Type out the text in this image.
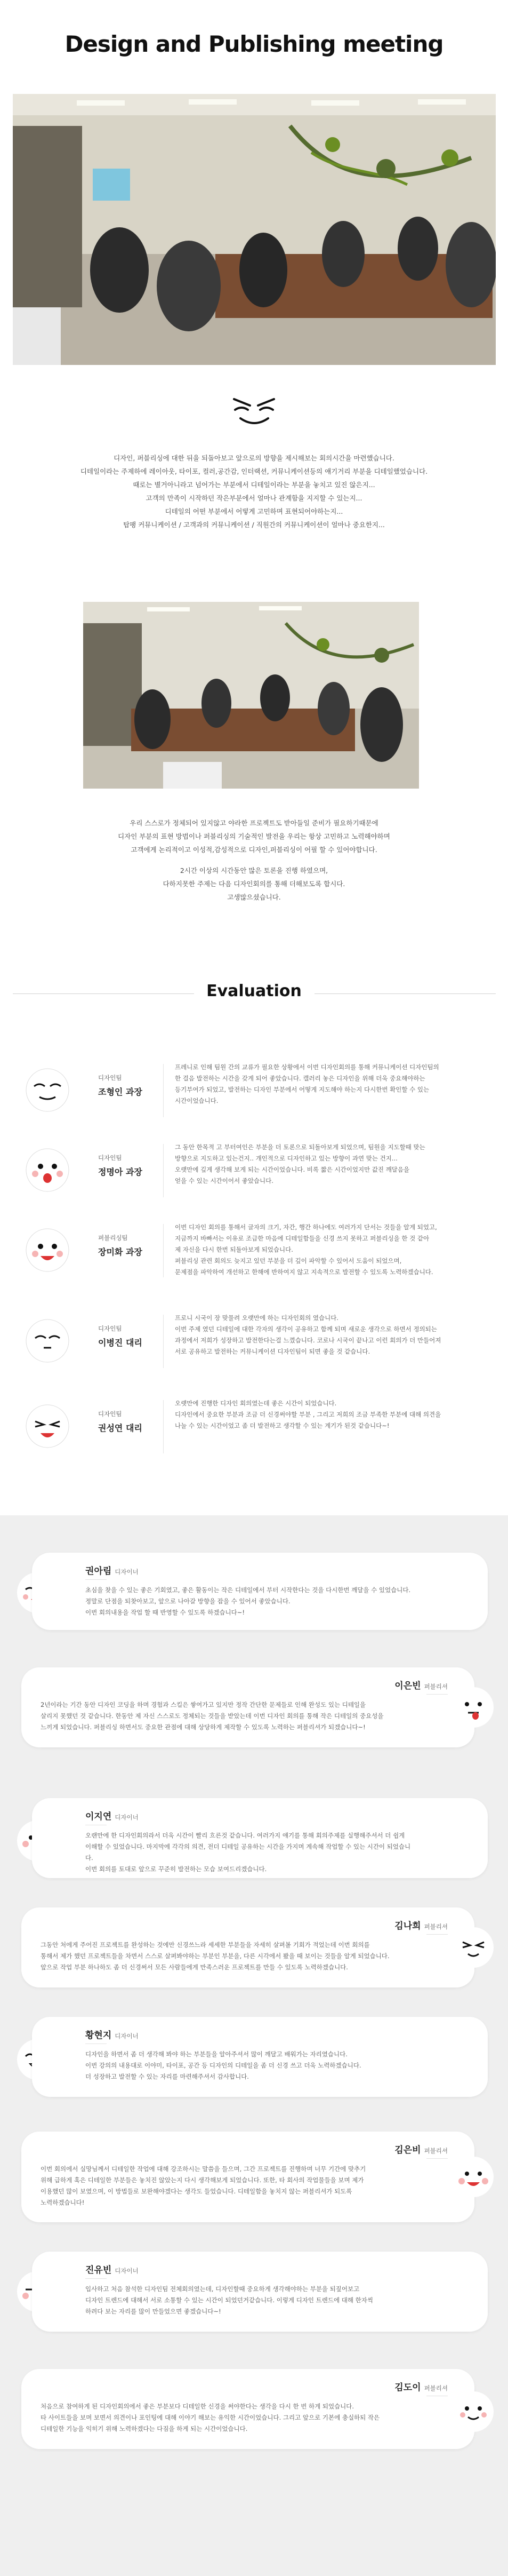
Design and Publishing meeting

디자인, 퍼블리싱에 대한 뒤을 되돌아보고 앞으로의 방향을 제시해보는 회의시간을 마련했습니다.

디테일이라는 주제하에 레이아웃, 타이포, 컬러,공간감, 인터랙션, 커뮤니케이션등의 얘기거리 부분을 디테일했었습니다.

때로는 별거아니라고 넘어가는 부분에서 디테일이라는 부분을 놓치고 있진 않은지...

고객의 만족이 시작하던 작은부분에서 얼마나 관계함을 지지할 수 있는지...

디테일의 어떤 부분에서 어떻게 고민하며 표현되어야하는지...

탑팽 커뮤니케이션 / 고객과의 커뮤니케이션 / 직원간의 커뮤니케이션이 얼마나 중요한지...

우리 스스로가 정체되어 있지않고 야라한 프로젝트도 받아들일 준비가 필요하기때문에

디자인 부분의 표현 방법이나 퍼블리싱의 기술적인 발전을 우리는 항상 고민하고 노력해야하며

고객에게 논리적이고 이성적,감성적으로 디자인,퍼블리싱이 어필 할 수 있어야합니다.

2시간 이상의 시간동안 많은 토론을 진행 하였으며,

다하지못한 주제는 다음 디자인회의를 통해 더해보도록 합시다.

고생많으셨습니다.

Evaluation
디자인팀
조형인 과장

프레니로 인해 팀원 간의 교류가 필요한 상황에서 이번 디자인회의를 통해 커뮤니케이션 디자인팀의

한 걸음 발전하는 시간을 갖게 되어 좋았습니다. 캘러리 놓은 디자인을 위해 더욱 중요해야하는

등기부여가 되었고, 발전하는 디자인 부분에서 어떻게 지도해야 하는지 다시한번 확인할 수 있는

시간이었습니다.

디자인팀
정명아 과장

그 동안 한목적 고 부터여인은 부분을 더 토론으로 되돌아보게 되었으며, 팀원을 지도할때 맞는

방향으로 지도하고 있는건지.. 개인적으로 디자인하고 있는 방향이 과연 맞는 건지...

오랫만에 깊게 생각해 보게 되는 시간이었습니다. 비록 짧은 시간이었지만 값진 깨달음을

얻을 수 있는 시간이어서 좋았습니다.

퍼블리싱팀
장미화 과장

이번 디자인 회의를 통해서 글자의 크기, 자간, 행간 하나에도 여러가지 단서는 것들을 알게 되었고,

지금까지 바빠서는 이유로 조급한 마음에 디테일함들을 신경 쓰지 못하고 퍼블리싱을 한 것 같아

제 자신을 다시 한번 되돌아보게 되었습니다.

퍼블리싱 관련 회의도 늦지고 있던 부분을 더 깊이 파악할 수 있어서 도움이 되었으며,

문제점을 파악하여 개선하고 한해에 반하여지 않고 지속적으로 발전할 수 있도록 노력하겠습니다.

디자인팀
이병진 대리

프로니 시국이 장 맞물려 오랫만에 하는 디자인회의 였습니다.

이번 주제 였던 디테일에 대한 각자의 생각이 공유하고 함께 되며 새로운 생각으로 하면서 정의되는

과정에서 저희가 성장하고 발전한다는걸 느꼈습니다. 코로나 시국이 끝나고 이런 회의가 더 만들어져

서로 공유하고 발전하는 커뮤니케이션 디자인팀이 되면 좋을 것 같습니다.

디자인팀
권성연 대리

오랫만에 진행한 디자인 회의였는데 좋은 시간이 되었습니다.

디자인에서 중요한 부분과 조금 더 신경써야할 부분 , 그리고 저희의 조금 부족한 부분에 대해 의견을

나눌 수 있는 시간이었고 좀 더 발전하고 생각할 수 있는 계기가 된것 같습니다~!

권아림 디자이너

초심을 찾을 수 있는 좋은 기회였고, 좋은 활동이는 작은 디테일에서 부터 시작한다는 것을 다시한번 깨달을 수 있었습니다.

정말로 단점을 되찾아보고, 앞으로 나아갈 방향을 잡을 수 있어서 좋았습니다.

이번 회의내용을 작업 할 때 반영할 수 있도록 하겠습니다~!

이은빈 퍼블리셔

2년이라는 기간 동안 디자인 코딩을 하며 경험과 스킬은 쌓여가고 있지만 정작 간단한 문제들로 인해 완성도 있는 디테일을

살리지 못했던 것 같습니다. 한동안 제 자신 스스로도 정체되는 것들을 받았는데 이번 디자인 회의를 통해 작은 디테일의 중요성을

느끼게 되었습니다. 퍼블리싱 하면서도 중요한 관점에 대해 상당하게 제작할 수 있도록 노력하는 퍼블리셔가 되겠습니다~!

이지연 디자이너

오랜만에 한 디자인회의라서 더욱 시간이 빨리 흐른것 같습니다. 여러가지 얘기를 통해 회의주제를 실행해주셔서 더 쉽게

이해할 수 있었습니다. 마지막에 각각의 의견, 전더 디테일 공유하는 시간을 가지며 계속해 작업할 수 있는 시간이 되었습니다.

이번 회의를 토대로 앞으로 꾸준히 발전하는 모습 보여드리겠습니다.

김나희 퍼블리셔

그동안 처에게 주어진 프로젝트를 완성하는 것에만 신경쓰느라 세세한 부분들을 자세히 살펴볼 기회가 적었는데 이번 회의를

통해서 제가 했던 프로젝트들을 차면서 스스로 살펴봐야하는 부분인 부분을, 다른 시각에서 봤을 때 보이는 것들을 알게 되었습니다.

앞으로 작업 부분 하나하도 좀 더 신경써서 모든 사람들에게 만족스러운 프로젝트를 만들 수 있도록 노력하겠습니다.

황현지 디자이너

디자인을 하면서 좀 더 생각해 봐야 하는 부분들을 알아주셔서 많이 깨달고 배워가는 자리였습니다.

이번 강의의 내용대로 이야미, 타이포, 공간 등 디자인의 디테일을 좀 더 신경 쓰고 더욱 노력하겠습니다.

더 성장하고 발전할 수 있는 자리를 마련해주셔서 감사합니다.

김은비 퍼블리셔

이번 회의에서 실망님께서 디테일한 작업에 대해 강조하시는 말씀을 들으며, 그간 프로젝트를 진행하며 너무 기간에 맞추기

위해 급하게 혹은 디테일한 부분들은 놓치진 않았는지 다시 생각해보게 되었습니다. 또한, 타 회사의 작업물들을 보며 제가

이용했던 많이 보였으며, 이 방법들로 보완해야겠다는 생각도 들었습니다. 디테일함을 놓치지 않는 퍼블리셔가 되도록

노력하겠습니다!

진유빈 디자이너

입사하고 처음 참석한 디자인팀 전체회의였는데, 디자인할때 중요하게 생각해야하는 부분을 되짚어보고

디자인 트렌드에 대해서 서로 소통할 수 있는 시간이 되었던거같습니다. 이렇게 디자인 트렌드에 대해 한자씩

하려다 보는 자리를 많이 만들었으면 좋겠습니다~!

김도이 퍼블리셔

처음으로 참여하게 된 디자인회의에서 좋은 부분보다 디테일한 신경을 써야한다는 생각을 다시 한 번 하게 되었습니다.

타 사이트들을 보며 보면서 의견이나 포인팅에 대해 이야기 해보는 유익한 시간이었습니다. 그리고 앞으로 기본에 충실하되 작은

디테일한 기능을 익히기 위해 노력하겠다는 다짐을 하게 되는 시간이었습니다.
